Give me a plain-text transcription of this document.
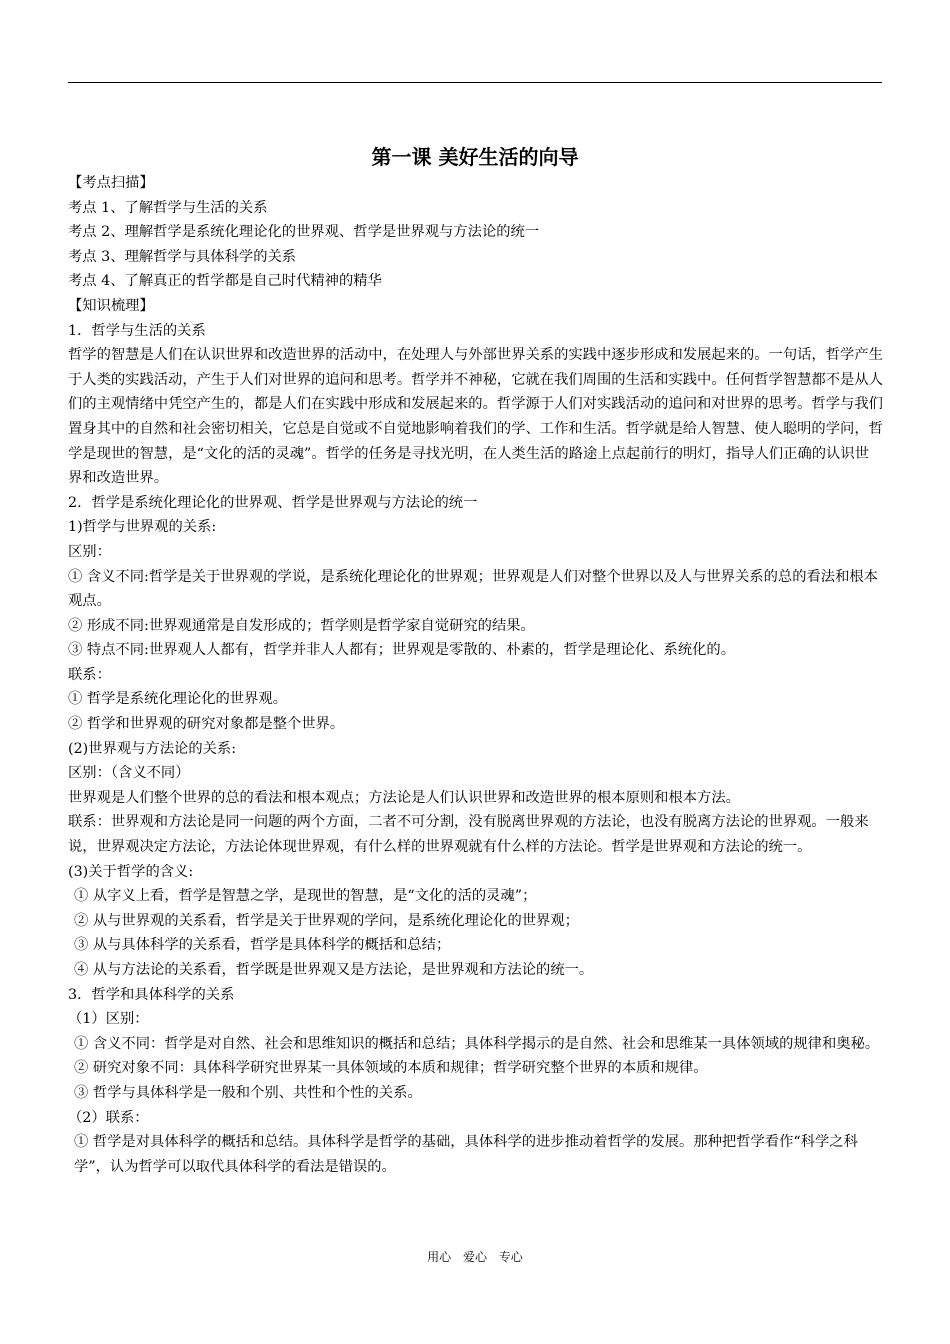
第一课 美好生活的向导

【考点扫描】

考点 1、了解哲学与生活的关系

考点 2、理解哲学是系统化理论化的世界观、哲学是世界观与方法论的统一

考点 3、理解哲学与具体科学的关系

考点 4、了解真正的哲学都是自己时代精神的精华

【知识梳理】

1．哲学与生活的关系

哲学的智慧是人们在认识世界和改造世界的活动中，在处理人与外部世界关系的实践中逐步形成和发展起来的。一句话，哲学产生于人类的实践活动，产生于人们对世界的追问和思考。哲学并不神秘，它就在我们周围的生活和实践中。任何哲学智慧都不是从人们的主观情绪中凭空产生的，都是人们在实践中形成和发展起来的。哲学源于人们对实践活动的追问和对世界的思考。哲学与我们置身其中的自然和社会密切相关，它总是自觉或不自觉地影响着我们的学、工作和生活。哲学就是给人智慧、使人聪明的学问，哲学是现世的智慧，是“文化的活的灵魂”。哲学的任务是寻找光明，在人类生活的路途上点起前行的明灯，指导人们正确的认识世界和改造世界。

2．哲学是系统化理论化的世界观、哲学是世界观与方法论的统一

1)哲学与世界观的关系:

区别：

① 含义不同:哲学是关于世界观的学说，是系统化理论化的世界观；世界观是人们对整个世界以及人与世界关系的总的看法和根本观点。

② 形成不同:世界观通常是自发形成的；哲学则是哲学家自觉研究的结果。

③ 特点不同:世界观人人都有，哲学并非人人都有；世界观是零散的、朴素的，哲学是理论化、系统化的。

联系：

① 哲学是系统化理论化的世界观。

② 哲学和世界观的研究对象都是整个世界。

(2)世界观与方法论的关系:

区别：（含义不同）

世界观是人们整个世界的总的看法和根本观点；方法论是人们认识世界和改造世界的根本原则和根本方法。

联系：世界观和方法论是同一问题的两个方面，二者不可分割，没有脱离世界观的方法论，也没有脱离方法论的世界观。一般来说，世界观决定方法论，方法论体现世界观，有什么样的世界观就有什么样的方法论。哲学是世界观和方法论的统一。

(3)关于哲学的含义:

① 从字义上看，哲学是智慧之学，是现世的智慧，是“文化的活的灵魂”；

② 从与世界观的关系看，哲学是关于世界观的学问，是系统化理论化的世界观；

③ 从与具体科学的关系看，哲学是具体科学的概括和总结；

④ 从与方法论的关系看，哲学既是世界观又是方法论，是世界观和方法论的统一。

3．哲学和具体科学的关系

（1）区别：

① 含义不同：哲学是对自然、社会和思维知识的概括和总结；具体科学揭示的是自然、社会和思维某一具体领域的规律和奥秘。

② 研究对象不同：具体科学研究世界某一具体领域的本质和规律；哲学研究整个世界的本质和规律。

③ 哲学与具体科学是一般和个别、共性和个性的关系。

（2）联系：

① 哲学是对具体科学的概括和总结。具体科学是哲学的基础，具体科学的进步推动着哲学的发展。那种把哲学看作“科学之科学”，认为哲学可以取代具体科学的看法是错误的。

用心 爱心 专心
